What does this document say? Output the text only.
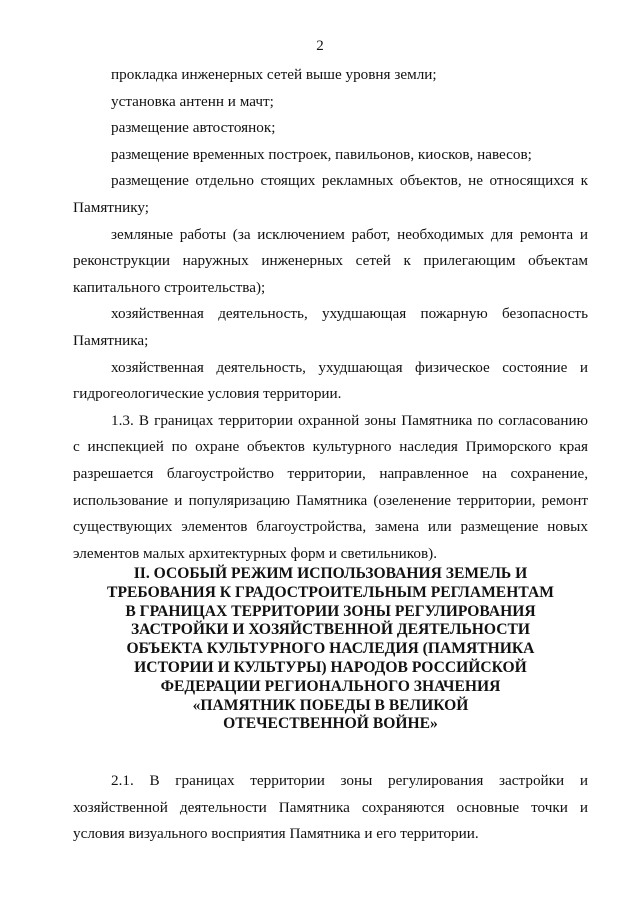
2

прокладка инженерных сетей выше уровня земли;

установка антенн и мачт;

размещение автостоянок;

размещение временных построек, павильонов, киосков, навесов;

размещение отдельно стоящих рекламных объектов, не относящихся к Памятнику;

земляные работы (за исключением работ, необходимых для ремонта и реконструкции наружных инженерных сетей к прилегающим объектам капитального строительства);

хозяйственная деятельность, ухудшающая пожарную безопасность Памятника;

хозяйственная деятельность, ухудшающая физическое состояние и гидрогеологические условия территории.

1.3. В границах территории охранной зоны Памятника по согласованию с инспекцией по охране объектов культурного наследия Приморского края разрешается благоустройство территории, направленное на сохранение, использование и популяризацию Памятника (озеленение территории, ремонт существующих элементов благоустройства, замена или размещение новых элементов малых архитектурных форм и светильников).

II. ОСОБЫЙ РЕЖИМ ИСПОЛЬЗОВАНИЯ ЗЕМЕЛЬ И
ТРЕБОВАНИЯ К ГРАДОСТРОИТЕЛЬНЫМ РЕГЛАМЕНТАМ
В ГРАНИЦАХ ТЕРРИТОРИИ ЗОНЫ РЕГУЛИРОВАНИЯ
ЗАСТРОЙКИ И ХОЗЯЙСТВЕННОЙ ДЕЯТЕЛЬНОСТИ
ОБЪЕКТА КУЛЬТУРНОГО НАСЛЕДИЯ (ПАМЯТНИКА
ИСТОРИИ И КУЛЬТУРЫ) НАРОДОВ РОССИЙСКОЙ
ФЕДЕРАЦИИ РЕГИОНАЛЬНОГО ЗНАЧЕНИЯ
«ПАМЯТНИК ПОБЕДЫ В ВЕЛИКОЙ
ОТЕЧЕСТВЕННОЙ ВОЙНЕ»

2.1. В границах территории зоны регулирования застройки и хозяйственной деятельности Памятника сохраняются основные точки и условия визуального восприятия Памятника и его территории.
